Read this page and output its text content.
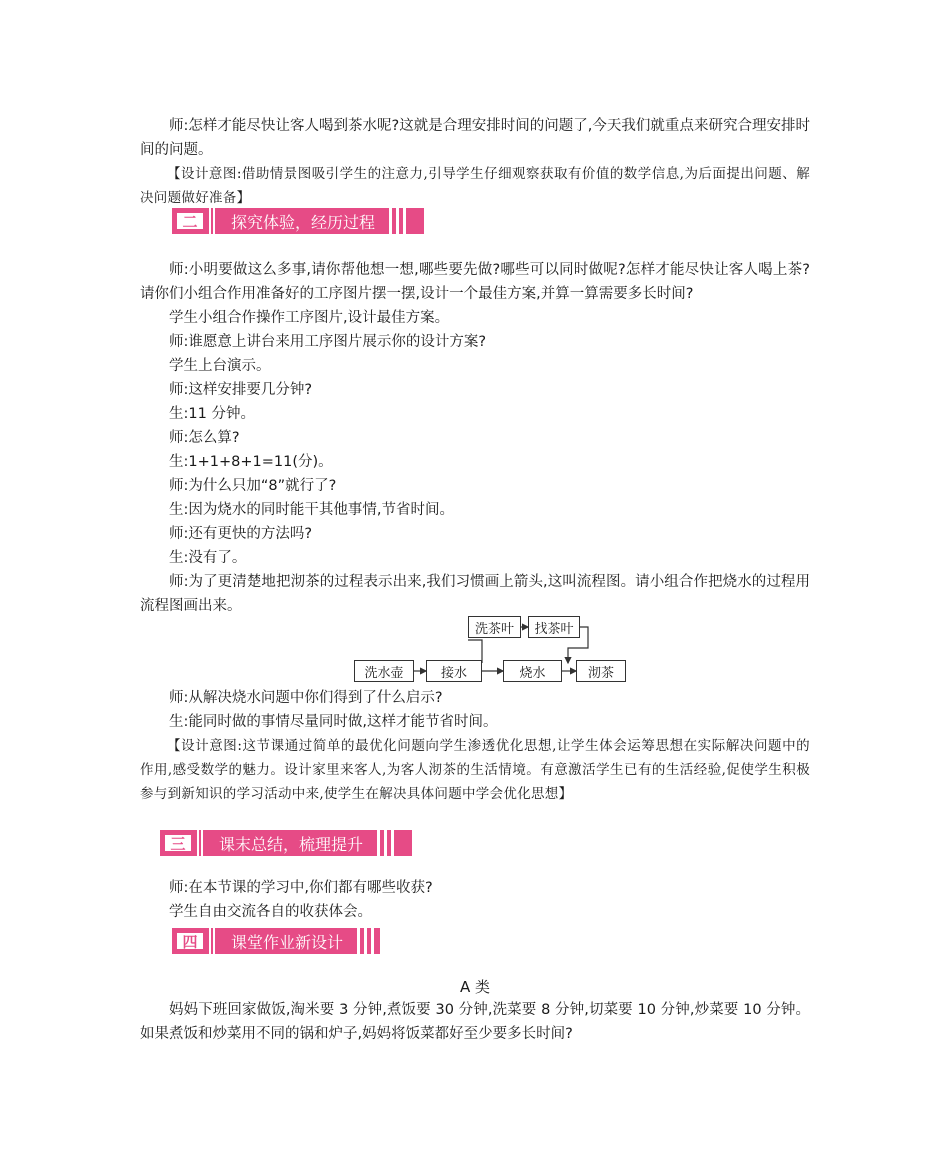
师:怎样才能尽快让客人喝到茶水呢?这就是合理安排时间的问题了,今天我们就重点来研究合理安排时间的问题。

【设计意图:借助情景图吸引学生的注意力,引导学生仔细观察获取有价值的数学信息,为后面提出问题、解决问题做好准备】

二	探究体验，经历过程

师:小明要做这么多事,请你帮他想一想,哪些要先做?哪些可以同时做呢?怎样才能尽快让客人喝上茶?请你们小组合作用准备好的工序图片摆一摆,设计一个最佳方案,并算一算需要多长时间?

学生小组合作操作工序图片,设计最佳方案。

师:谁愿意上讲台来用工序图片展示你的设计方案?

学生上台演示。

师:这样安排要几分钟?

生:11 分钟。

师:怎么算?

生:1+1+8+1=11(分)。

师:为什么只加“8”就行了?

生:因为烧水的同时能干其他事情,节省时间。

师:还有更快的方法吗?

生:没有了。

师:为了更清楚地把沏茶的过程表示出来,我们习惯画上箭头,这叫流程图。请小组合作把烧水的过程用流程图画出来。

洗水壶	接水	烧水	沏茶
洗茶叶	找茶叶

师:从解决烧水问题中你们得到了什么启示?

生:能同时做的事情尽量同时做,这样才能节省时间。

【设计意图:这节课通过简单的最优化问题向学生渗透优化思想,让学生体会运筹思想在实际解决问题中的作用,感受数学的魅力。设计家里来客人,为客人沏茶的生活情境。有意激活学生已有的生活经验,促使学生积极参与到新知识的学习活动中来,使学生在解决具体问题中学会优化思想】

三	课末总结，梳理提升

师:在本节课的学习中,你们都有哪些收获?

学生自由交流各自的收获体会。

四	课堂作业新设计
A 类

妈妈下班回家做饭,淘米要 3 分钟,煮饭要 30 分钟,洗菜要 8 分钟,切菜要 10 分钟,炒菜要 10 分钟。如果煮饭和炒菜用不同的锅和炉子,妈妈将饭菜都好至少要多长时间?
